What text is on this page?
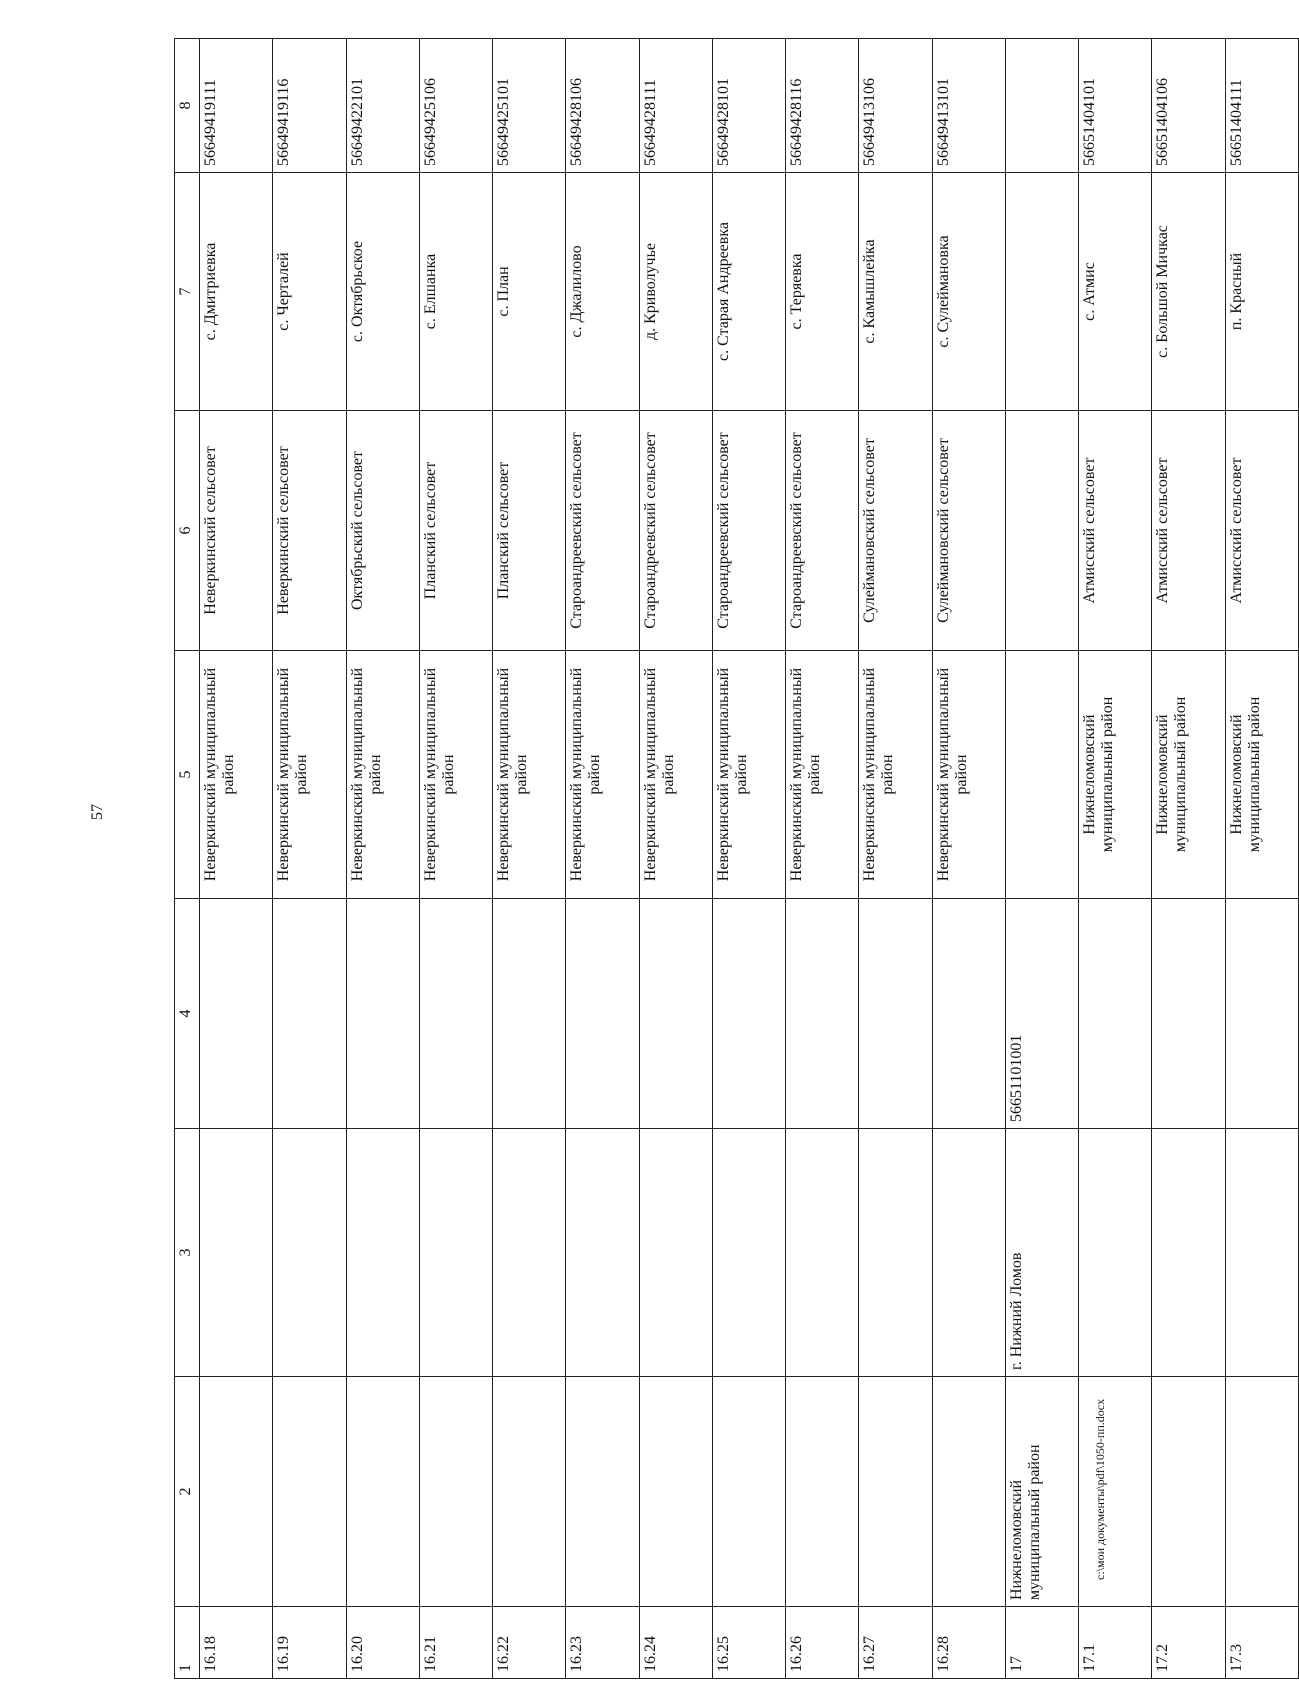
57
1	2	3	4	5	6	7	8
16.18				Неверкинский муниципальный район	Неверкинский сельсовет	с. Дмитриевка	56649419111
16.19				Неверкинский муниципальный район	Неверкинский сельсовет	с. Черталей	56649419116
16.20				Неверкинский муниципальный район	Октябрьский сельсовет	с. Октябрьское	56649422101
16.21				Неверкинский муниципальный район	Планский сельсовет	с. Елшанка	56649425106
16.22				Неверкинский муниципальный район	Планский сельсовет	с. План	56649425101
16.23				Неверкинский муниципальный район	Староандреевский сельсовет	с. Джалилово	56649428106
16.24				Неверкинский муниципальный район	Староандреевский сельсовет	д. Криволучье	56649428111
16.25				Неверкинский муниципальный район	Староандреевский сельсовет	с. Старая Андреевка	56649428101
16.26				Неверкинский муниципальный район	Староандреевский сельсовет	с. Теряевка	56649428116
16.27				Неверкинский муниципальный район	Сулеймановский сельсовет	с. Камышлейка	56649413106
16.28				Неверкинский муниципальный район	Сулеймановский сельсовет	с. Сулеймановка	56649413101
17	Нижнеломовский муниципальный район	г. Нижний Ломов	56651101001				
17.1				Нижнеломовский муниципальный район	Атмисский сельсовет	с. Атмис	56651404101
17.2				Нижнеломовский муниципальный район	Атмисский сельсовет	с. Большой Мичкас	56651404106
17.3				Нижнеломовский муниципальный район	Атмисский сельсовет	п. Красный	56651404111
c:\мои документы\pdf\1050-пп.docx
